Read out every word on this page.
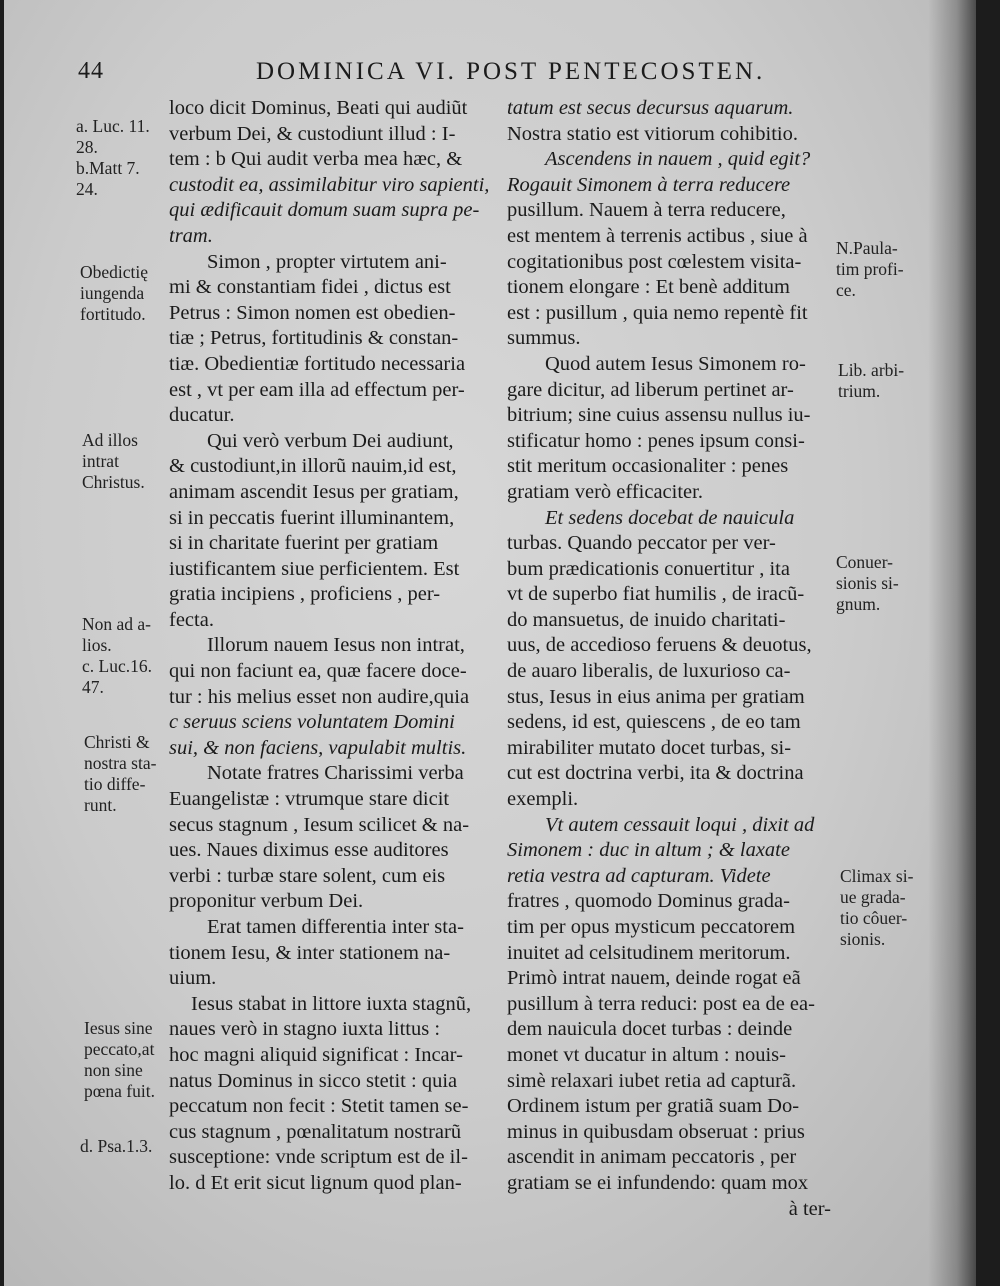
44	DOMINICA VI. POST PENTECOSTEN.
a. Luc. 11.
28.
b.Matt 7.
24.
Obedictię
iungenda
fortitudo.
Ad illos
intrat
Christus.
Non ad a-
lios.
c. Luc.16.
47.
Christi &
nostra sta-
tio diffe-
runt.
Iesus sine
peccato,at
non sine
pœna fuit.
d. Psa.1.3.
N.Paula-
tim profi-
ce.
Lib. arbi-
trium.
Conuer-
sionis si-
gnum.
Climax si-
ue grada-
tio côuer-
sionis.
loco dicit Dominus, Beati qui audiũt
verbum Dei, & custodiunt illud : I-
tem : b Qui audit verba mea hæc, &
custodit ea, assimilabitur viro sapienti,
qui ædificauit domum suam supra pe-
tram.
Simon , propter virtutem ani-
mi & constantiam fidei , dictus est
Petrus : Simon nomen est obedien-
tiæ ; Petrus, fortitudinis & constan-
tiæ. Obedientiæ fortitudo necessaria
est , vt per eam illa ad effectum per-
ducatur.
Qui verò verbum Dei audiunt,
& custodiunt,in illorũ nauim,id est,
animam ascendit Iesus per gratiam,
si in peccatis fuerint illuminantem,
si in charitate fuerint per gratiam
iustificantem siue perficientem. Est
gratia incipiens , proficiens , per-
fecta.
Illorum nauem Iesus non intrat,
qui non faciunt ea, quæ facere doce-
tur : his melius esset non audire,quia
c seruus sciens voluntatem Domini
sui, & non faciens, vapulabit multis.
Notate fratres Charissimi verba
Euangelistæ : vtrumque stare dicit
secus stagnum , Iesum scilicet & na-
ues. Naues diximus esse auditores
verbi : turbæ stare solent, cum eis
proponitur verbum Dei.
Erat tamen differentia inter sta-
tionem Iesu, & inter stationem na-
uium.
Iesus stabat in littore iuxta stagnũ,
naues verò in stagno iuxta littus :
hoc magni aliquid significat : Incar-
natus Dominus in sicco stetit : quia
peccatum non fecit : Stetit tamen se-
cus stagnum , pœnalitatum nostrarũ
susceptione: vnde scriptum est de il-
lo. d Et erit sicut lignum quod plan-
tatum est secus decursus aquarum.
Nostra statio est vitiorum cohibitio.
Ascendens in nauem , quid egit?
Rogauit Simonem à terra reducere
pusillum. Nauem à terra reducere,
est mentem à terrenis actibus , siue à
cogitationibus post cœlestem visita-
tionem elongare : Et benè additum
est : pusillum , quia nemo repentè fit
summus.
Quod autem Iesus Simonem ro-
gare dicitur, ad liberum pertinet ar-
bitrium; sine cuius assensu nullus iu-
stificatur homo : penes ipsum consi-
stit meritum occasionaliter : penes
gratiam verò efficaciter.
Et sedens docebat de nauicula
turbas. Quando peccator per ver-
bum prædicationis conuertitur , ita
vt de superbo fiat humilis , de iracũ-
do mansuetus, de inuido charitati-
uus, de accedioso feruens & deuotus,
de auaro liberalis, de luxurioso ca-
stus, Iesus in eius anima per gratiam
sedens, id est, quiescens , de eo tam
mirabiliter mutato docet turbas, si-
cut est doctrina verbi, ita & doctrina
exempli.
Vt autem cessauit loqui , dixit ad
Simonem : duc in altum ; & laxate
retia vestra ad capturam. Videte
fratres , quomodo Dominus grada-
tim per opus mysticum peccatorem
inuitet ad celsitudinem meritorum.
Primò intrat nauem, deinde rogat eã
pusillum à terra reduci: post ea de ea-
dem nauicula docet turbas : deinde
monet vt ducatur in altum : nouis-
simè relaxari iubet retia ad capturã.
Ordinem istum per gratiã suam Do-
minus in quibusdam obseruat : prius
ascendit in animam peccatoris , per
gratiam se ei infundendo: quam mox
à ter-
